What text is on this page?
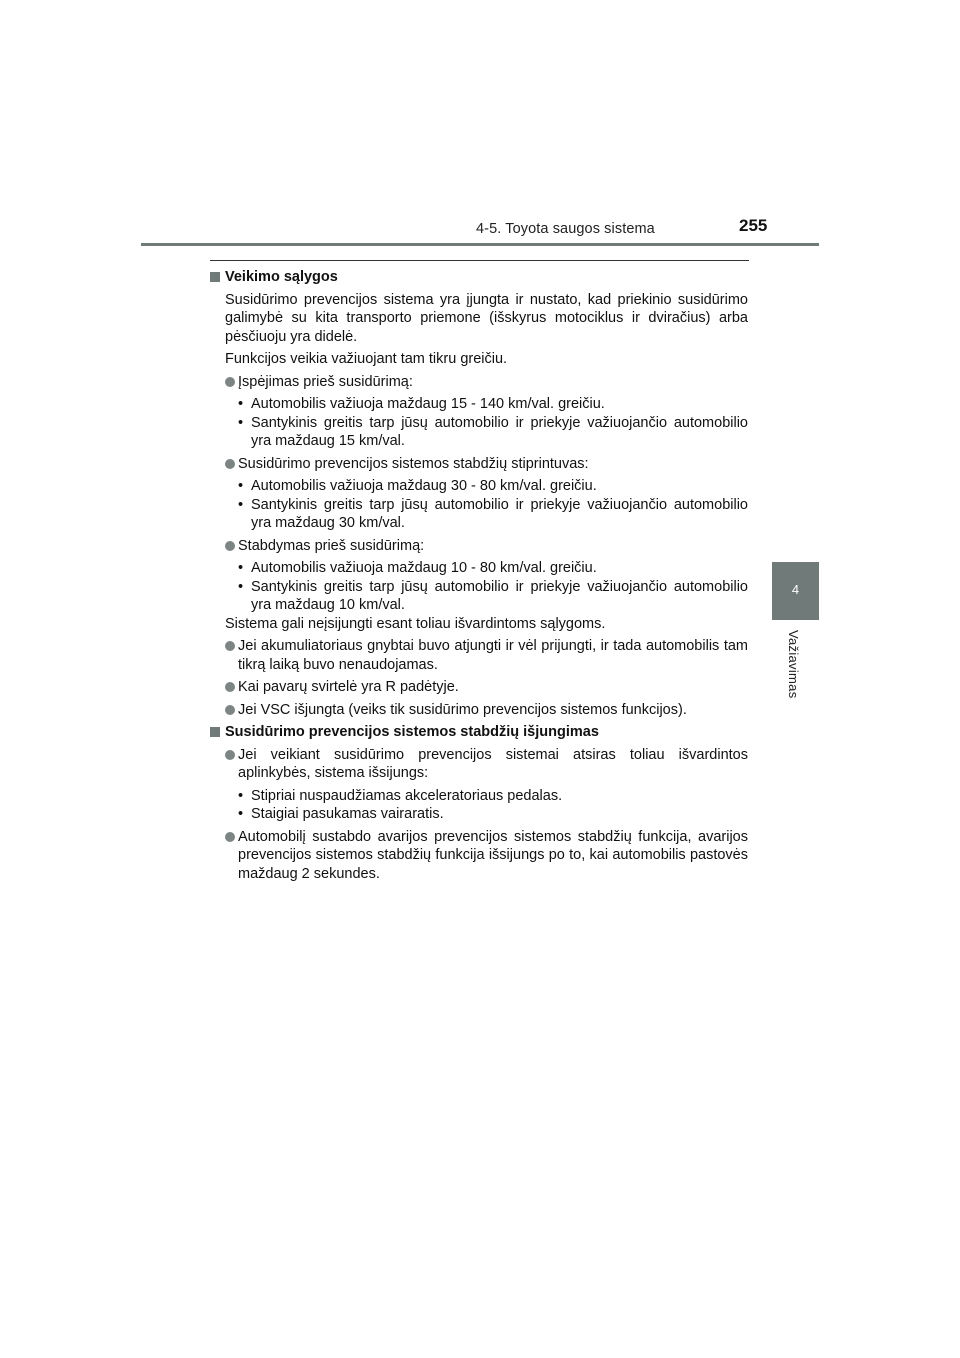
4-5. Toyota saugos sistema	255
4
Važiavimas
Veikimo sąlygos

Susidūrimo prevencijos sistema yra įjungta ir nustato, kad priekinio susidūrimo galimybė su kita transporto priemone (išskyrus motociklus ir dviračius) arba pėsčiuoju yra didelė.

Funkcijos veikia važiuojant tam tikru greičiu.

Įspėjimas prieš susidūrimą:

• Automobilis važiuoja maždaug 15 - 140 km/val. greičiu.

• Santykinis greitis tarp jūsų automobilio ir priekyje važiuojančio automobilio yra maždaug 15 km/val.

Susidūrimo prevencijos sistemos stabdžių stiprintuvas:

• Automobilis važiuoja maždaug 30 - 80 km/val. greičiu.

• Santykinis greitis tarp jūsų automobilio ir priekyje važiuojančio automobilio yra maždaug 30 km/val.

Stabdymas prieš susidūrimą:

• Automobilis važiuoja maždaug 10 - 80 km/val. greičiu.

• Santykinis greitis tarp jūsų automobilio ir priekyje važiuojančio automobilio yra maždaug 10 km/val.

Sistema gali neįsijungti esant toliau išvardintoms sąlygoms.

Jei akumuliatoriaus gnybtai buvo atjungti ir vėl prijungti, ir tada automobilis tam tikrą laiką buvo nenaudojamas.
Kai pavarų svirtelė yra R padėtyje.
Jei VSC išjungta (veiks tik susidūrimo prevencijos sistemos funkcijos).
Susidūrimo prevencijos sistemos stabdžių išjungimas
Jei veikiant susidūrimo prevencijos sistemai atsiras toliau išvardintos aplinkybės, sistema išsijungs:

• Stipriai nuspaudžiamas akceleratoriaus pedalas.

• Staigiai pasukamas vairaratis.

Automobilį sustabdo avarijos prevencijos sistemos stabdžių funkcija, avarijos prevencijos sistemos stabdžių funkcija išsijungs po to, kai automobilis pastovės maždaug 2 sekundes.
